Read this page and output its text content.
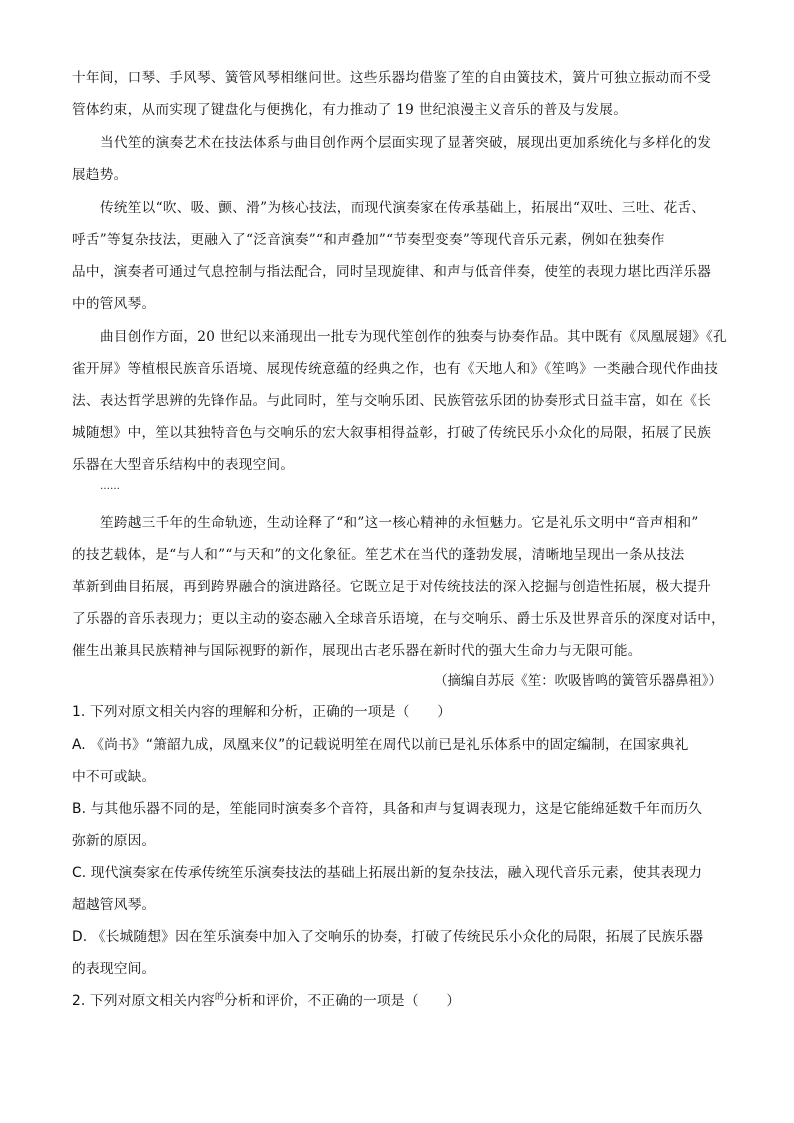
十年间，口琴、手风琴、簧管风琴相继问世。这些乐器均借鉴了笙的自由簧技术，簧片可独立振动而不受
管体约束，从而实现了键盘化与便携化，有力推动了 19 世纪浪漫主义音乐的普及与发展。
当代笙的演奏艺术在技法体系与曲目创作两个层面实现了显著突破，展现出更加系统化与多样化的发
展趋势。
传统笙以“吹、吸、颤、滑”为核心技法，而现代演奏家在传承基础上，拓展出“双吐、三吐、花舌、
呼舌”等复杂技法，更融入了“泛音演奏”“和声叠加”“节奏型变奏”等现代音乐元素，例如在独奏作
品中，演奏者可通过气息控制与指法配合，同时呈现旋律、和声与低音伴奏，使笙的表现力堪比西洋乐器
中的管风琴。
曲目创作方面，20 世纪以来涌现出一批专为现代笙创作的独奏与协奏作品。其中既有《凤凰展翅》《孔
雀开屏》等植根民族音乐语境、展现传统意蕴的经典之作，也有《天地人和》《笙鸣》一类融合现代作曲技
法、表达哲学思辨的先锋作品。与此同时，笙与交响乐团、民族管弦乐团的协奏形式日益丰富，如在《长
城随想》中，笙以其独特音色与交响乐的宏大叙事相得益彰，打破了传统民乐小众化的局限，拓展了民族
乐器在大型音乐结构中的表现空间。
……
笙跨越三千年的生命轨迹，生动诠释了“和”这一核心精神的永恒魅力。它是礼乐文明中“音声相和”
的技艺载体，是“与人和”“与天和”的文化象征。笙艺术在当代的蓬勃发展，清晰地呈现出一条从技法
革新到曲目拓展，再到跨界融合的演进路径。它既立足于对传统技法的深入挖掘与创造性拓展，极大提升
了乐器的音乐表现力；更以主动的姿态融入全球音乐语境，在与交响乐、爵士乐及世界音乐的深度对话中，
催生出兼具民族精神与国际视野的新作，展现出古老乐器在新时代的强大生命力与无限可能。
（摘编自苏辰《笙：吹吸皆鸣的簧管乐器鼻祖》）
1. 下列对原文相关内容的理解和分析，正确的一项是（　　）
A. 《尚书》“箫韶九成，凤凰来仪”的记载说明笙在周代以前已是礼乐体系中的固定编制，在国家典礼
中不可或缺。
B. 与其他乐器不同的是，笙能同时演奏多个音符，具备和声与复调表现力，这是它能绵延数千年而历久
弥新的原因。
C. 现代演奏家在传承传统笙乐演奏技法的基础上拓展出新的复杂技法，融入现代音乐元素，使其表现力
超越管风琴。
D. 《长城随想》因在笙乐演奏中加入了交响乐的协奏，打破了传统民乐小众化的局限，拓展了民族乐器
的表现空间。
2. 下列对原文相关内容$^的$分析和评价，不正确的一项是（　　）
